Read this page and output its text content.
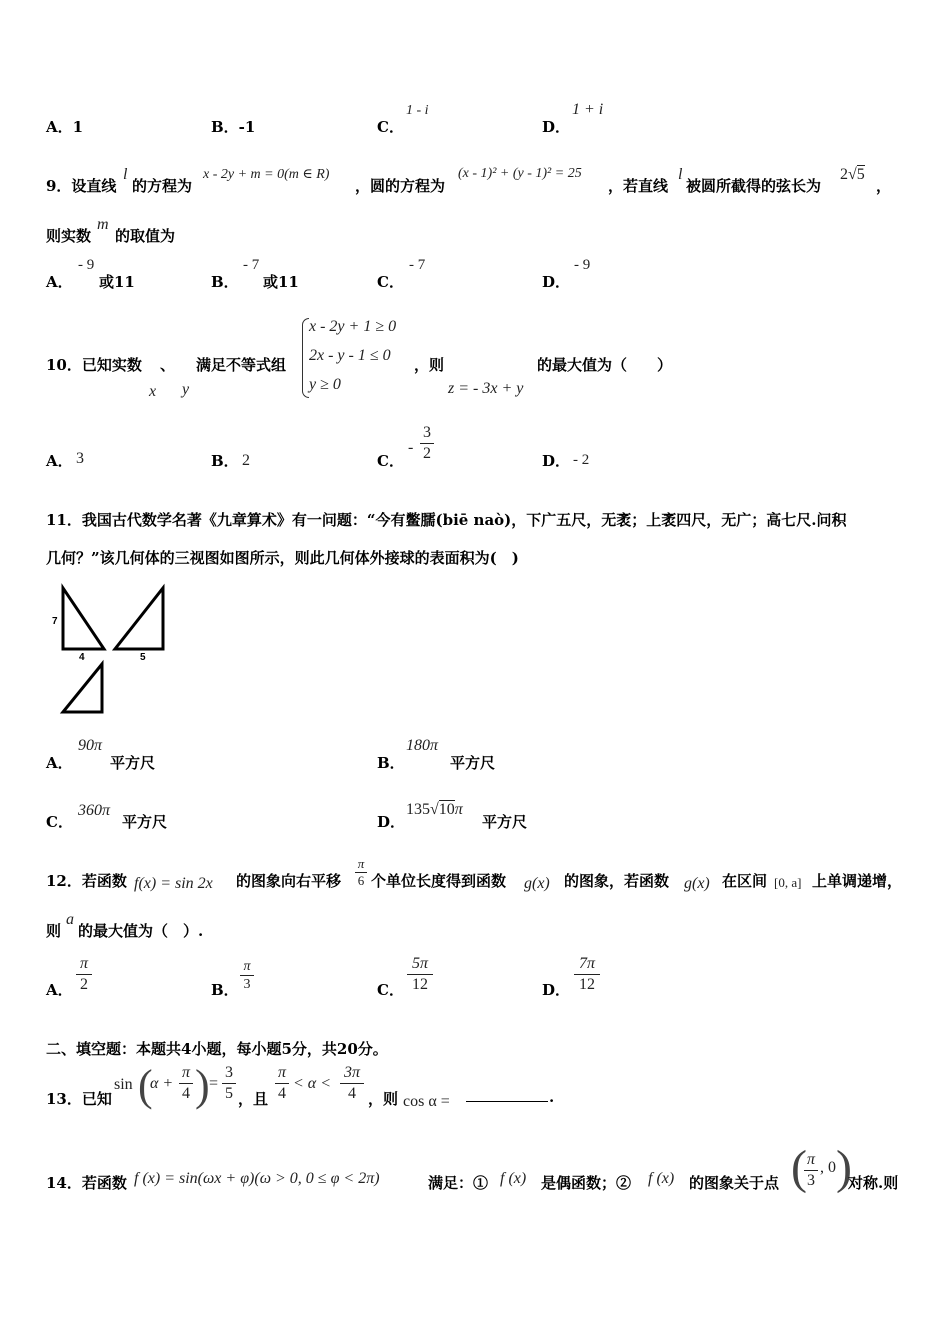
A．1	B．-1	C．
1 - i
D．
1 + i
9．设直线
l
的方程为
x - 2y + m = 0(m ∈ R)
，圆的方程为
(x - 1)² + (y - 1)² = 25
，若直线
l
被圆所截得的弦长为
2√5
，
则实数
m
的取值为
A．
- 9
或11	B．
- 7
或11	C．
- 7
D．
- 9
10．已知实数 、 满足不等式组
x y
x - 2y + 1 ≥ 0
2x - y - 1 ≤ 0
y ≥ 0
，则
z = - 3x + y
的最大值为（　　）
A． 3	B． 2	C．
-
3
2	D． - 2
11．我国古代数学名著《九章算术》有一问题：“今有鳖臑(biē naò)，下广五尺，无袤；上袤四尺，无广；高七尺.问积
几何？”该几何体的三视图如图所示，则此几何体外接球的表面积为(　)
7
4	5
A．
90π
平方尺	B．
180π
平方尺
C．
360π
平方尺	D．
135√10π
平方尺
12．若函数 f(x) = sin 2x 的图象向右平移
π
6 个单位长度得到函数 g(x) 的图象，若函数 g(x) 在区间 [0, a] 上单调递增，
则
a
的最大值为（　）.
A．
π
2	B．
π
3	C．
5π
12	D．
7π
12
二、填空题：本题共4小题，每小题5分，共20分。
13．已知
sin (
α +
π
4 ) =
3
5 ，且
π
4
< α <
3π
4 ，则 cos α =	.
14．若函数 f (x) = sin(ωx + φ)(ω > 0, 0 ≤ φ < 2π)	满足：① f (x) 是偶函数；② f (x) 的图象关于点 ( π
3
, 0 )
对称.则
